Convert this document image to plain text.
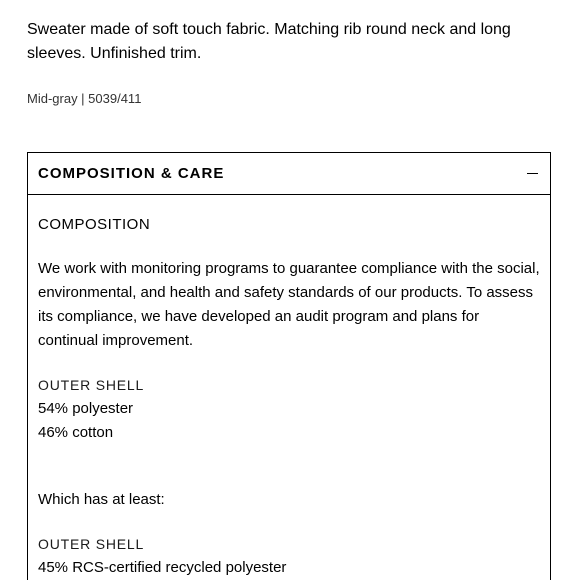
Sweater made of soft touch fabric. Matching rib round neck and long sleeves. Unfinished trim.

Mid-gray | 5039/411

COMPOSITION & CARE

COMPOSITION

We work with monitoring programs to guarantee compliance with the social, environmental, and health and safety standards of our products. To assess its compliance, we have developed an audit program and plans for continual improvement.

OUTER SHELL

54% polyester

46% cotton

Which has at least:

OUTER SHELL

45% RCS-certified recycled polyester
